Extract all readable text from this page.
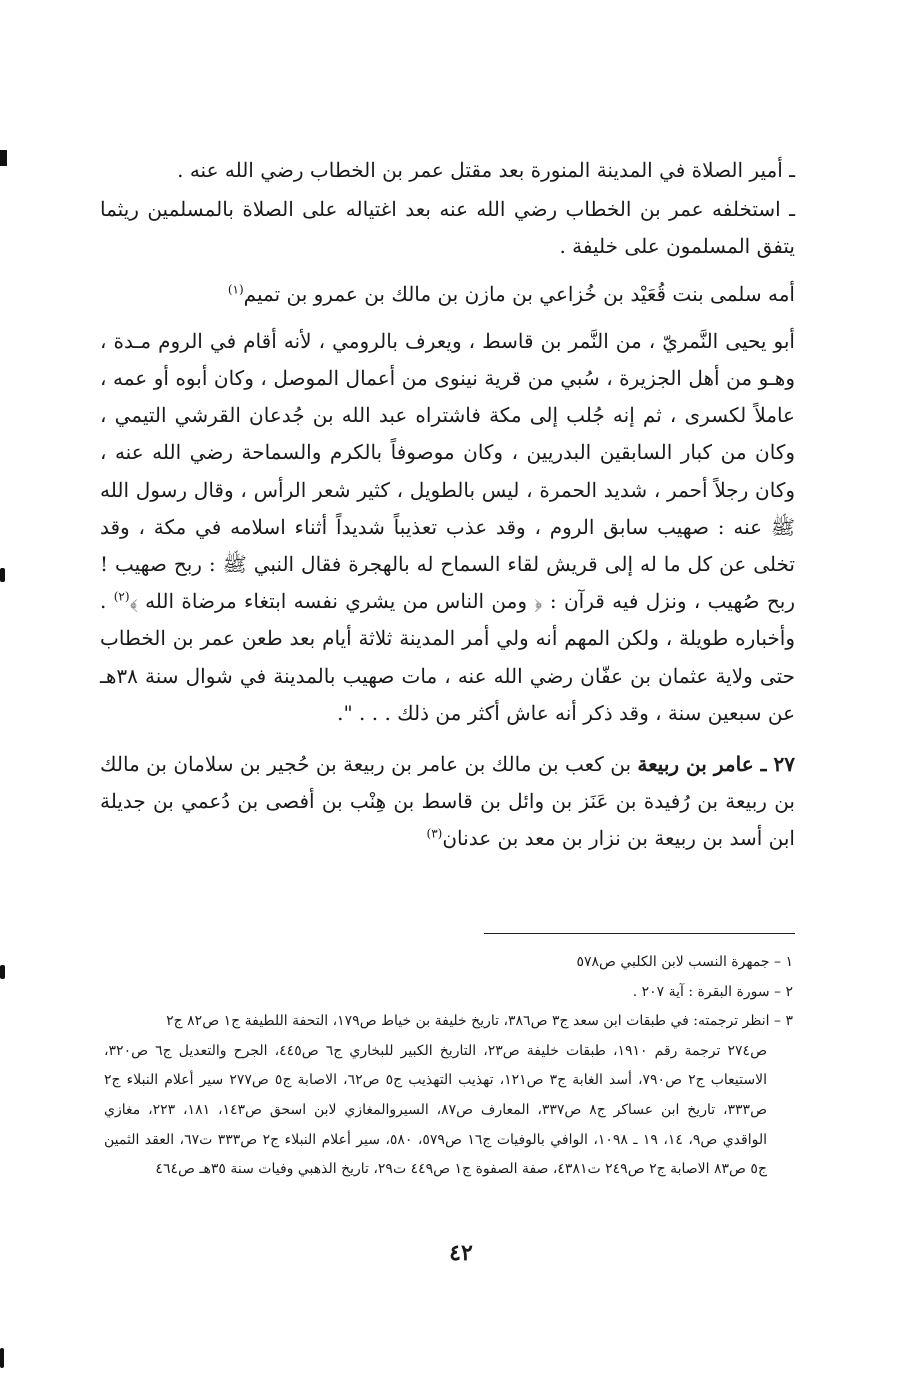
ـ أمير الصلاة في المدينة المنورة بعد مقتل عمر بن الخطاب رضي الله عنه .

ـ استخلفه عمر بن الخطاب رضي الله عنه بعد اغتياله على الصلاة بالمسلمين ريثما يتفق المسلمون على خليفة .

أمه سلمى بنت قُعَيْد بن خُزاعي بن مازن بن مالك بن عمرو بن تميم$^{(١)}$

أبو يحيى النَّمريّ ، من النَّمر بن قاسط ، ويعرف بالرومي ، لأنه أقام في الروم مـدة ، وهـو من أهل الجزيرة ، سُبي من قرية نينوى من أعمال الموصل ، وكان أبوه أو عمه ، عاملاً لكسرى ، ثم إنه جُلب إلى مكة فاشتراه عبد الله بن جُدعان القرشي التيمي ، وكان من كبار السابقين البدريين ، وكان موصوفاً بالكرم والسماحة رضي الله عنه ، وكان رجلاً أحمر ، شديد الحمرة ، ليس بالطويل ، كثير شعر الرأس ، وقال رسول الله ﷺ عنه : صهيب سابق الروم ، وقد عذب تعذيباً شديداً أثناء اسلامه في مكة ، وقد تخلى عن كل ما له إلى قريش لقاء السماح له بالهجرة فقال النبي ﷺ : ربح صهيب ! ربح صُهيب ، ونزل فيه قرآن : ﴿ ومن الناس من يشري نفسه ابتغاء مرضاة الله ﴾$^{(٢)}$ . وأخباره طويلة ، ولكن المهم أنه ولي أمر المدينة ثلاثة أيام بعد طعن عمر بن الخطاب حتى ولاية عثمان بن عفّان رضي الله عنه ، مات صهيب بالمدينة في شوال سنة ٣٨هـ عن سبعين سنة ، وقد ذكر أنه عاش أكثر من ذلك . . . ".

٢٧ ـ عامر بن ربيعة بن كعب بن مالك بن عامر بن ربيعة بن حُجير بن سلامان بن مالك بن ربيعة بن رُفيدة بن عَنَز بن وائل بن قاسط بن هِنْب بن أفصى بن دُعمي بن جديلة ابن أسد بن ربيعة بن نزار بن معد بن عدنان$^{(٣)}$

١ – جمهرة النسب لابن الكلبي ص٥٧٨

٢ – سورة البقرة : آية ٢٠٧ .

٣ – انظر ترجمته: في طبقات ابن سعد ج٣ ص٣٨٦، تاريخ خليفة بن خياط ص١٧٩، التحفة اللطيفة ج١ ص٨٢ ج٢

ص٢٧٤ ترجمة رقم ١٩١٠، طبقات خليفة ص٢٣، التاريخ الكبير للبخاري ج٦ ص٤٤٥، الجرح والتعديل ج٦ ص٣٢٠، الاستيعاب ج٢ ص٧٩٠، أسد الغابة ج٣ ص١٢١، تهذيب التهذيب ج٥ ص٦٢، الاصابة ج٥ ص٢٧٧ سير أعلام النبلاء ج٢ ص٣٣٣، تاريخ ابن عساكر ج٨ ص٣٣٧، المعارف ص٨٧، السيروالمغازي لابن اسحق ص١٤٣، ١٨١، ٢٢٣، مغازي الواقدي ص٩، ١٤، ١٩ ـ ١٠٩٨، الوافي بالوفيات ج١٦ ص٥٧٩، ٥٨٠، سير أعلام النبلاء ج٢ ص٣٣٣ ت٦٧، العقد الثمين ج٥ ص٨٣ الاصابة ج٢ ص٢٤٩ ت٤٣٨١، صفة الصفوة ج١ ص٤٤٩ ت٢٩، تاريخ الذهبي وفيات سنة ٣٥هـ ص٤٦٤

٤٢
